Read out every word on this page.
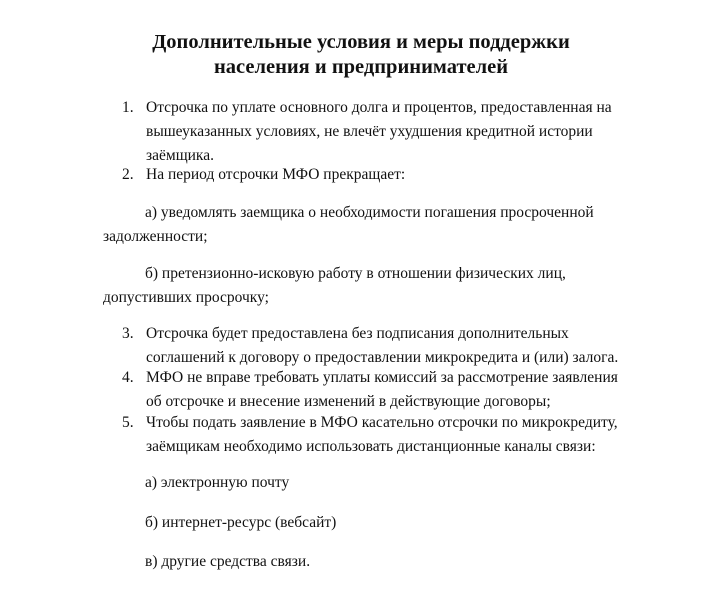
Дополнительные условия и меры поддержки
населения и предпринимателей
1. Отсрочка по уплате основного долга и процентов, предоставленная на
вышеуказанных условиях, не влечёт ухудшения кредитной истории
заёмщика.
2. На период отсрочки МФО прекращает:
а) уведомлять заемщика о необходимости погашения просроченной
задолженности;
б) претензионно-исковую работу в отношении физических лиц,
допустивших просрочку;
3. Отсрочка будет предоставлена без подписания дополнительных
соглашений к договору о предоставлении микрокредита и (или) залога.
4. МФО не вправе требовать уплаты комиссий за рассмотрение заявления
об отсрочке и внесение изменений в действующие договоры;
5. Чтобы подать заявление в МФО касательно отсрочки по микрокредиту,
заёмщикам необходимо использовать дистанционные каналы связи:
а) электронную почту
б) интернет-ресурс (вебсайт)
в) другие средства связи.
